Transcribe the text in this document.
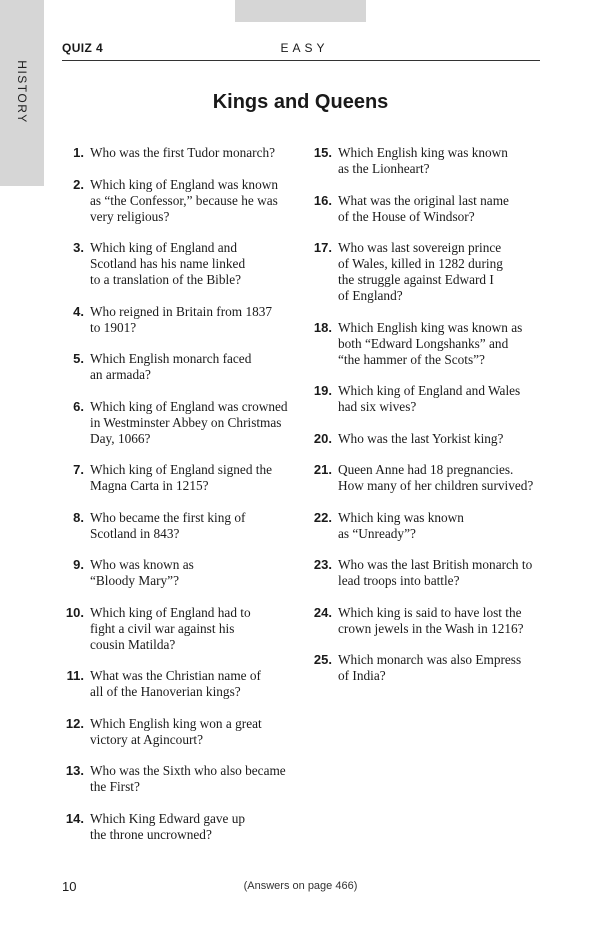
HISTORY
QUIZ 4	EASY
Kings and Queens
1. Who was the first Tudor monarch?
2. Which king of England was known
as “the Confessor,” because he was
very religious?
3. Which king of England and
Scotland has his name linked
to a translation of the Bible?
4. Who reigned in Britain from 1837
to 1901?
5. Which English monarch faced
an armada?
6. Which king of England was crowned
in Westminster Abbey on Christmas
Day, 1066?
7. Which king of England signed the
Magna Carta in 1215?
8. Who became the first king of
Scotland in 843?
9. Who was known as
“Bloody Mary”?
10. Which king of England had to
fight a civil war against his
cousin Matilda?
11. What was the Christian name of
all of the Hanoverian kings?
12. Which English king won a great
victory at Agincourt?
13. Who was the Sixth who also became
the First?
14. Which King Edward gave up
the throne uncrowned?
15. Which English king was known
as the Lionheart?
16. What was the original last name
of the House of Windsor?
17. Who was last sovereign prince
of Wales, killed in 1282 during
the struggle against Edward I
of England?
18. Which English king was known as
both “Edward Longshanks” and
“the hammer of the Scots”?
19. Which king of England and Wales
had six wives?
20. Who was the last Yorkist king?
21. Queen Anne had 18 pregnancies.
How many of her children survived?
22. Which king was known
as “Unready”?
23. Who was the last British monarch to
lead troops into battle?
24. Which king is said to have lost the
crown jewels in the Wash in 1216?
25. Which monarch was also Empress
of India?
10	(Answers on page 466)
